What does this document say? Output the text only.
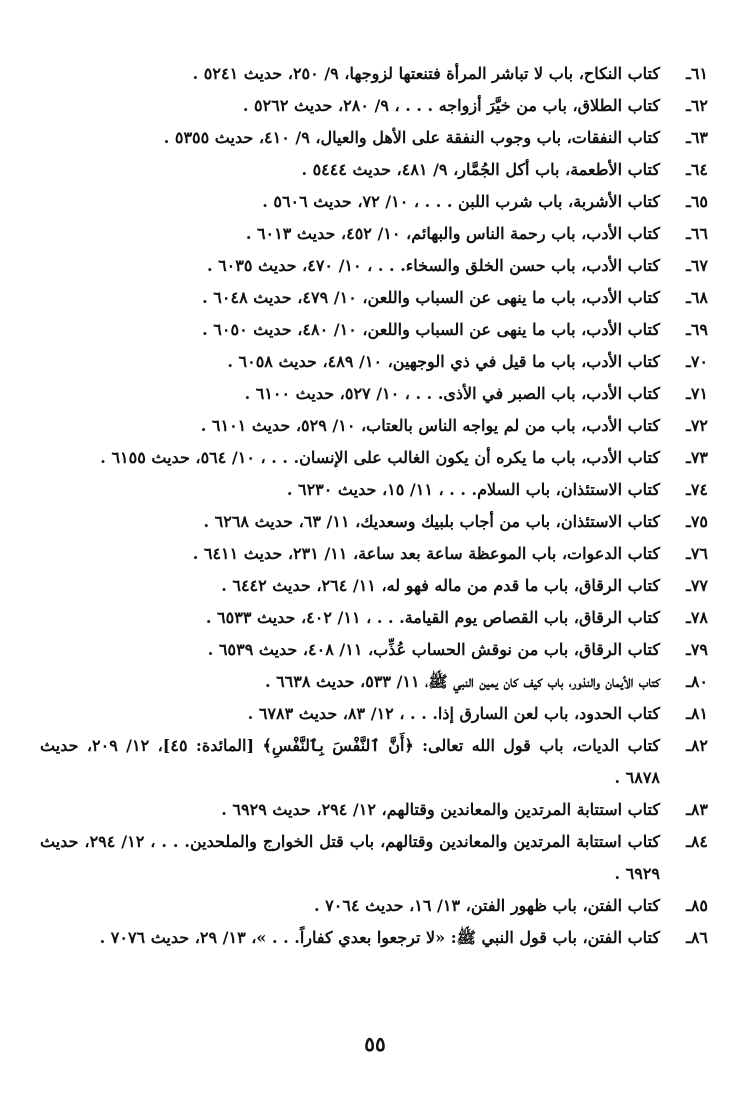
٦١ـ
كتاب النكاح، باب لا تباشر المرأة فتنعتها لزوجها، ٩/ ٢٥٠، حديث ٥٢٤١ .
٦٢ـ
كتاب الطلاق، باب من خيَّرَ أزواجه . . . ، ٩/ ٢٨٠، حديث ٥٢٦٢ .
٦٣ـ
كتاب النفقات، باب وجوب النفقة على الأهل والعيال، ٩/ ٤١٠، حديث ٥٣٥٥ .
٦٤ـ
كتاب الأطعمة، باب أكل الجُمَّار، ٩/ ٤٨١، حديث ٥٤٤٤ .
٦٥ـ
كتاب الأشربة، باب شرب اللبن . . . ، ١٠/ ٧٢، حديث ٥٦٠٦ .
٦٦ـ
كتاب الأدب، باب رحمة الناس والبهائم، ١٠/ ٤٥٢، حديث ٦٠١٣ .
٦٧ـ
كتاب الأدب، باب حسن الخلق والسخاء. . . ، ١٠/ ٤٧٠، حديث ٦٠٣٥ .
٦٨ـ
كتاب الأدب، باب ما ينهى عن السباب واللعن، ١٠/ ٤٧٩، حديث ٦٠٤٨ .
٦٩ـ
كتاب الأدب، باب ما ينهى عن السباب واللعن، ١٠/ ٤٨٠، حديث ٦٠٥٠ .
٧٠ـ
كتاب الأدب، باب ما قيل في ذي الوجهين، ١٠/ ٤٨٩، حديث ٦٠٥٨ .
٧١ـ
كتاب الأدب، باب الصبر في الأذى. . . ، ١٠/ ٥٢٧، حديث ٦١٠٠ .
٧٢ـ
كتاب الأدب، باب من لم يواجه الناس بالعتاب، ١٠/ ٥٢٩، حديث ٦١٠١ .
٧٣ـ
كتاب الأدب، باب ما يكره أن يكون الغالب على الإنسان. . . ، ١٠/ ٥٦٤، حديث ٦١٥٥ .
٧٤ـ
كتاب الاستئذان، باب السلام. . . ، ١١/ ١٥، حديث ٦٢٣٠ .
٧٥ـ
كتاب الاستئذان، باب من أجاب بلبيك وسعديك، ١١/ ٦٣، حديث ٦٢٦٨ .
٧٦ـ
كتاب الدعوات، باب الموعظة ساعة بعد ساعة، ١١/ ٢٣١، حديث ٦٤١١ .
٧٧ـ
كتاب الرقاق، باب ما قدم من ماله فهو له، ١١/ ٢٦٤، حديث ٦٤٤٢ .
٧٨ـ
كتاب الرقاق، باب القصاص يوم القيامة. . . ، ١١/ ٤٠٢، حديث ٦٥٣٣ .
٧٩ـ
كتاب الرقاق، باب من نوقش الحساب عُذِّب، ١١/ ٤٠٨، حديث ٦٥٣٩ .
٨٠ـ
كتاب الأيمان والنذور، باب كيف كان يمين النبي ﷺ، ١١/ ٥٣٣، حديث ٦٦٣٨ .
٨١ـ
كتاب الحدود، باب لعن السارق إذا. . . ، ١٢/ ٨٣، حديث ٦٧٨٣ .
٨٢ـ
كتاب الديات، باب قول الله تعالى: ﴿أَنَّ ٱلنَّفْسَ بِٱلنَّفْسِ﴾ [المائدة: ٤٥]، ١٢/ ٢٠٩، حديث ٦٨٧٨ .
٨٣ـ
كتاب استتابة المرتدين والمعاندين وقتالهم، ١٢/ ٢٩٤، حديث ٦٩٢٩ .
٨٤ـ
كتاب استتابة المرتدين والمعاندين وقتالهم، باب قتل الخوارج والملحدين. . . ، ١٢/ ٢٩٤، حديث ٦٩٢٩ .
٨٥ـ
كتاب الفتن، باب ظهور الفتن، ١٣/ ١٦، حديث ٧٠٦٤ .
٨٦ـ
كتاب الفتن، باب قول النبي ﷺ: «لا ترجعوا بعدي كفاراً. . . »، ١٣/ ٢٩، حديث ٧٠٧٦ .
٥٥
